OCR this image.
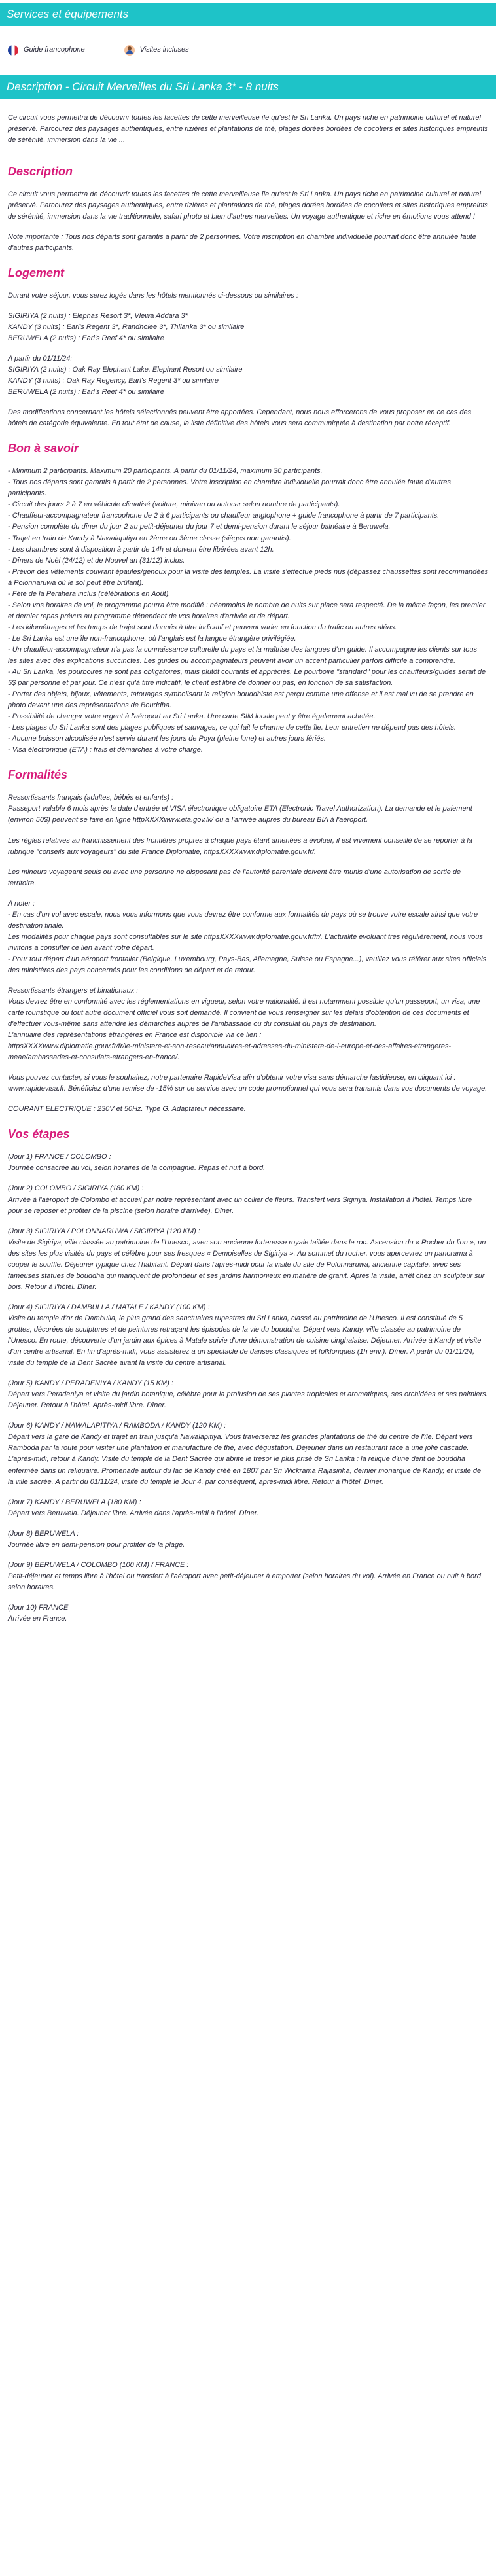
Services et équipements
Guide francophone	Visites incluses
Description - Circuit Merveilles du Sri Lanka 3* - 8 nuits

Ce circuit vous permettra de découvrir toutes les facettes de cette merveilleuse île qu'est le Sri Lanka. Un pays riche en patrimoine culturel et naturel préservé. Parcourez des paysages authentiques, entre rizières et plantations de thé, plages dorées bordées de cocotiers et sites historiques empreints de sérénité, immersion dans la vie ...

Description

Ce circuit vous permettra de découvrir toutes les facettes de cette merveilleuse île qu'est le Sri Lanka. Un pays riche en patrimoine culturel et naturel préservé. Parcourez des paysages authentiques, entre rizières et plantations de thé, plages dorées bordées de cocotiers et sites historiques empreints de sérénité, immersion dans la vie traditionnelle, safari photo et bien d'autres merveilles. Un voyage authentique et riche en émotions vous attend !

Note importante : Tous nos départs sont garantis à partir de 2 personnes. Votre inscription en chambre individuelle pourrait donc être annulée faute d'autres participants.

Logement

Durant votre séjour, vous serez logés dans les hôtels mentionnés ci-dessous ou similaires :

SIGIRIYA (2 nuits) : Elephas Resort 3*, Vlewa Addara 3*
KANDY (3 nuits) : Earl's Regent 3*, Randholee 3*, Thilanka 3* ou similaire
BERUWELA (2 nuits) : Earl's Reef 4* ou similaire

A partir du 01/11/24:
SIGIRIYA (2 nuits) : Oak Ray Elephant Lake, Elephant Resort ou similaire
KANDY (3 nuits) : Oak Ray Regency, Earl's Regent 3* ou similaire
BERUWELA (2 nuits) : Earl's Reef 4* ou similaire

Des modifications concernant les hôtels sélectionnés peuvent être apportées. Cependant, nous nous efforcerons de vous proposer en ce cas des hôtels de catégorie équivalente. En tout état de cause, la liste définitive des hôtels vous sera communiquée à destination par notre réceptif.

Bon à savoir

- Minimum 2 participants. Maximum 20 participants. A partir du 01/11/24, maximum 30 participants.
- Tous nos départs sont garantis à partir de 2 personnes. Votre inscription en chambre individuelle pourrait donc être annulée faute d'autres participants.
- Circuit des jours 2 à 7 en véhicule climatisé (voiture, minivan ou autocar selon nombre de participants).
- Chauffeur-accompagnateur francophone de 2 à 6 participants ou chauffeur anglophone + guide francophone à partir de 7 participants.
- Pension complète du dîner du jour 2 au petit-déjeuner du jour 7 et demi-pension durant le séjour balnéaire à Beruwela.
- Trajet en train de Kandy à Nawalapitiya en 2ème ou 3ème classe (sièges non garantis).
- Les chambres sont à disposition à partir de 14h et doivent être libérées avant 12h.
- Dîners de Noël (24/12) et de Nouvel an (31/12) inclus.
- Prévoir des vêtements couvrant épaules/genoux pour la visite des temples. La visite s'effectue pieds nus (dépassez chaussettes sont recommandées à Polonnaruwa où le sol peut être brûlant).
- Fête de la Perahera inclus (célébrations en Août).
- Selon vos horaires de vol, le programme pourra être modifié : néanmoins le nombre de nuits sur place sera respecté. De la même façon, les premier et dernier repas prévus au programme dépendent de vos horaires d'arrivée et de départ.
- Les kilométrages et les temps de trajet sont donnés à titre indicatif et peuvent varier en fonction du trafic ou autres aléas.
- Le Sri Lanka est une île non-francophone, où l'anglais est la langue étrangère privilégiée.
- Un chauffeur-accompagnateur n'a pas la connaissance culturelle du pays et la maîtrise des langues d'un guide. Il accompagne les clients sur tous les sites avec des explications succinctes. Les guides ou accompagnateurs peuvent avoir un accent particulier parfois difficile à comprendre.
- Au Sri Lanka, les pourboires ne sont pas obligatoires, mais plutôt courants et appréciés. Le pourboire "standard" pour les chauffeurs/guides serait de 5$ par personne et par jour. Ce n'est qu'à titre indicatif, le client est libre de donner ou pas, en fonction de sa satisfaction.
- Porter des objets, bijoux, vêtements, tatouages symbolisant la religion bouddhiste est perçu comme une offense et il est mal vu de se prendre en photo devant une des représentations de Bouddha.
- Possibilité de changer votre argent à l'aéroport au Sri Lanka. Une carte SIM locale peut y être également achetée.
- Les plages du Sri Lanka sont des plages publiques et sauvages, ce qui fait le charme de cette île. Leur entretien ne dépend pas des hôtels.
- Aucune boisson alcoolisée n'est servie durant les jours de Poya (pleine lune) et autres jours fériés.
- Visa électronique (ETA) : frais et démarches à votre charge.

Formalités

Ressortissants français (adultes, bébés et enfants) :
Passeport valable 6 mois après la date d'entrée et VISA électronique obligatoire ETA (Electronic Travel Authorization). La demande et le paiement (environ 50$) peuvent se faire en ligne httpXXXXwww.eta.gov.lk/ ou à l'arrivée auprès du bureau BIA à l'aéroport.

Les règles relatives au franchissement des frontières propres à chaque pays étant amenées à évoluer, il est vivement conseillé de se reporter à la rubrique "conseils aux voyageurs" du site France Diplomatie, httpsXXXXwww.diplomatie.gouv.fr/.

Les mineurs voyageant seuls ou avec une personne ne disposant pas de l'autorité parentale doivent être munis d'une autorisation de sortie de territoire.

A noter :
- En cas d'un vol avec escale, nous vous informons que vous devrez être conforme aux formalités du pays où se trouve votre escale ainsi que votre destination finale.
Les modalités pour chaque pays sont consultables sur le site httpsXXXXwww.diplomatie.gouv.fr/fr/. L'actualité évoluant très régulièrement, nous vous invitons à consulter ce lien avant votre départ.
- Pour tout départ d'un aéroport frontalier (Belgique, Luxembourg, Pays-Bas, Allemagne, Suisse ou Espagne...), veuillez vous référer aux sites officiels des ministères des pays concernés pour les conditions de départ et de retour.

Ressortissants étrangers et binationaux :
Vous devrez être en conformité avec les réglementations en vigueur, selon votre nationalité. Il est notamment possible qu'un passeport, un visa, une carte touristique ou tout autre document officiel vous soit demandé. Il convient de vous renseigner sur les délais d'obtention de ces documents et d'effectuer vous-même sans attendre les démarches auprès de l'ambassade ou du consulat du pays de destination.
L'annuaire des représentations étrangères en France est disponible via ce lien :
httpsXXXXwww.diplomatie.gouv.fr/fr/le-ministere-et-son-reseau/annuaires-et-adresses-du-ministere-de-l-europe-et-des-affaires-etrangeres-meae/ambassades-et-consulats-etrangers-en-france/.

Vous pouvez contacter, si vous le souhaitez, notre partenaire RapideVisa afin d'obtenir votre visa sans démarche fastidieuse, en cliquant ici : www.rapidevisa.fr. Bénéficiez d'une remise de -15% sur ce service avec un code promotionnel qui vous sera transmis dans vos documents de voyage.

COURANT ELECTRIQUE : 230V et 50Hz. Type G. Adaptateur nécessaire.

Vos étapes

(Jour 1) FRANCE / COLOMBO :
Journée consacrée au vol, selon horaires de la compagnie. Repas et nuit à bord.

(Jour 2) COLOMBO / SIGIRIYA (180 KM) :
Arrivée à l'aéroport de Colombo et accueil par notre représentant avec un collier de fleurs. Transfert vers Sigiriya. Installation à l'hôtel. Temps libre pour se reposer et profiter de la piscine (selon horaire d'arrivée). Dîner.

(Jour 3) SIGIRIYA / POLONNARUWA / SIGIRIYA (120 KM) :
Visite de Sigiriya, ville classée au patrimoine de l'Unesco, avec son ancienne forteresse royale taillée dans le roc. Ascension du « Rocher du lion », un des sites les plus visités du pays et célèbre pour ses fresques « Demoiselles de Sigiriya ». Au sommet du rocher, vous apercevrez un panorama à couper le souffle. Déjeuner typique chez l'habitant. Départ dans l'après-midi pour la visite du site de Polonnaruwa, ancienne capitale, avec ses fameuses statues de bouddha qui manquent de profondeur et ses jardins harmonieux en matière de granit. Après la visite, arrêt chez un sculpteur sur bois. Retour à l'hôtel. Dîner.

(Jour 4) SIGIRIYA / DAMBULLA / MATALE / KANDY (100 KM) :
Visite du temple d'or de Dambulla, le plus grand des sanctuaires rupestres du Sri Lanka, classé au patrimoine de l'Unesco. Il est constitué de 5 grottes, décorées de sculptures et de peintures retraçant les épisodes de la vie du bouddha. Départ vers Kandy, ville classée au patrimoine de l'Unesco. En route, découverte d'un jardin aux épices à Matale suivie d'une démonstration de cuisine cinghalaise. Déjeuner. Arrivée à Kandy et visite d'un centre artisanal. En fin d'après-midi, vous assisterez à un spectacle de danses classiques et folkloriques (1h env.). Dîner. A partir du 01/11/24, visite du temple de la Dent Sacrée avant la visite du centre artisanal.

(Jour 5) KANDY / PERADENIYA / KANDY (15 KM) :
Départ vers Peradeniya et visite du jardin botanique, célèbre pour la profusion de ses plantes tropicales et aromatiques, ses orchidées et ses palmiers. Déjeuner. Retour à l'hôtel. Après-midi libre. Dîner.

(Jour 6) KANDY / NAWALAPITIYA / RAMBODA / KANDY (120 KM) :
Départ vers la gare de Kandy et trajet en train jusqu'à Nawalapitiya. Vous traverserez les grandes plantations de thé du centre de l'île. Départ vers Ramboda par la route pour visiter une plantation et manufacture de thé, avec dégustation. Déjeuner dans un restaurant face à une jolie cascade. L'après-midi, retour à Kandy. Visite du temple de la Dent Sacrée qui abrite le trésor le plus prisé de Sri Lanka : la relique d'une dent de bouddha enfermée dans un reliquaire. Promenade autour du lac de Kandy créé en 1807 par Sri Wickrama Rajasinha, dernier monarque de Kandy, et visite de la ville sacrée. A partir du 01/11/24, visite du temple le Jour 4, par conséquent, après-midi libre. Retour à l'hôtel. Dîner.

(Jour 7) KANDY / BERUWELA (180 KM) :
Départ vers Beruwela. Déjeuner libre. Arrivée dans l'après-midi à l'hôtel. Dîner.

(Jour 8) BERUWELA :
Journée libre en demi-pension pour profiter de la plage.

(Jour 9) BERUWELA / COLOMBO (100 KM) / FRANCE :
Petit-déjeuner et temps libre à l'hôtel ou transfert à l'aéroport avec petit-déjeuner à emporter (selon horaires du vol). Arrivée en France ou nuit à bord selon horaires.

(Jour 10) FRANCE
Arrivée en France.
